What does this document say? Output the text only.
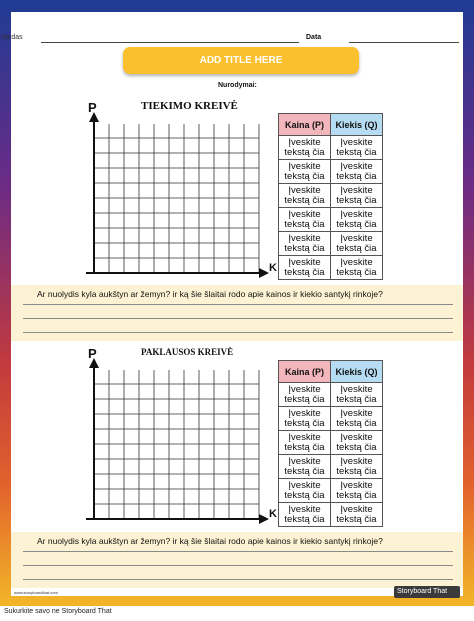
Vardas	Data
ADD TITLE HERE
Nurodymai:
P	TIEKIMO KREIVĖ
K
Kaina (P)	Kiekis (Q)
Įveskite tekstą čia	Įveskite tekstą čia
Įveskite tekstą čia	Įveskite tekstą čia
Įveskite tekstą čia	Įveskite tekstą čia
Įveskite tekstą čia	Įveskite tekstą čia
Įveskite tekstą čia	Įveskite tekstą čia
Įveskite tekstą čia	Įveskite tekstą čia
Ar nuolydis kyla aukštyn ar žemyn? ir ką šie šlaitai rodo apie kainos ir kiekio santykį rinkoje?
P	PAKLAUSOS KREIVĖ
K
Kaina (P)	Kiekis (Q)
Įveskite tekstą čia	Įveskite tekstą čia
Įveskite tekstą čia	Įveskite tekstą čia
Įveskite tekstą čia	Įveskite tekstą čia
Įveskite tekstą čia	Įveskite tekstą čia
Įveskite tekstą čia	Įveskite tekstą čia
Įveskite tekstą čia	Įveskite tekstą čia
Ar nuolydis kyla aukštyn ar žemyn? ir ką šie šlaitai rodo apie kainos ir kiekio santykį rinkoje?
www.storyboardthat.com	Storyboard That
Sukurkite savo ne Storyboard That
